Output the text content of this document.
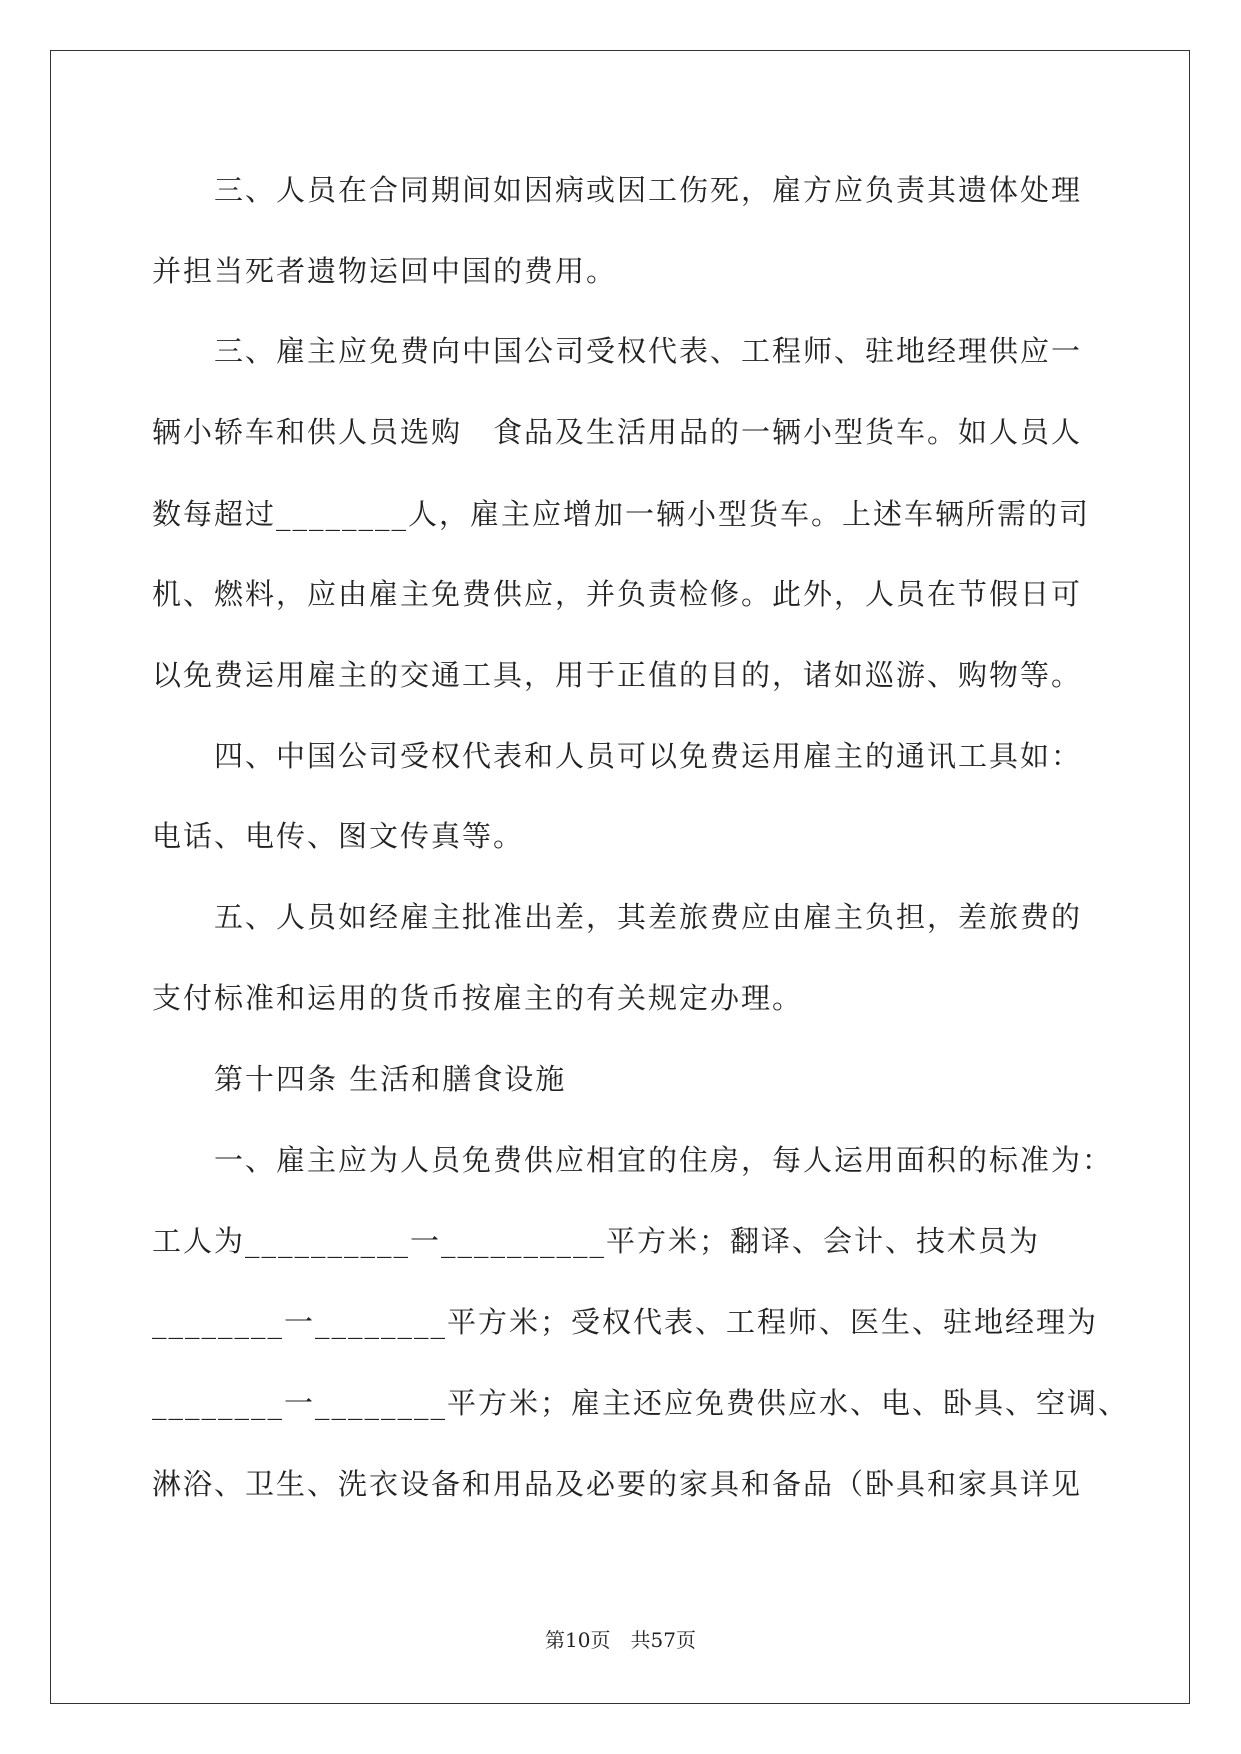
三、人员在合同期间如因病或因工伤死，雇方应负责其遗体处理
并担当死者遗物运回中国的费用。
三、雇主应免费向中国公司受权代表、工程师、驻地经理供应一
辆小轿车和供人员选购　食品及生活用品的一辆小型货车。如人员人
数每超过________人，雇主应增加一辆小型货车。上述车辆所需的司
机、燃料，应由雇主免费供应，并负责检修。此外，人员在节假日可
以免费运用雇主的交通工具，用于正值的目的，诸如巡游、购物等。
四、中国公司受权代表和人员可以免费运用雇主的通讯工具如：
电话、电传、图文传真等。
五、人员如经雇主批准出差，其差旅费应由雇主负担，差旅费的
支付标准和运用的货币按雇主的有关规定办理。
第十四条 生活和膳食设施
一、雇主应为人员免费供应相宜的住房，每人运用面积的标准为：
工人为__________一__________平方米；翻译、会计、技术员为
________一________平方米；受权代表、工程师、医生、驻地经理为
________一________平方米；雇主还应免费供应水、电、卧具、空调、
淋浴、卫生、洗衣设备和用品及必要的家具和备品（卧具和家具详见
第10页　共57页
